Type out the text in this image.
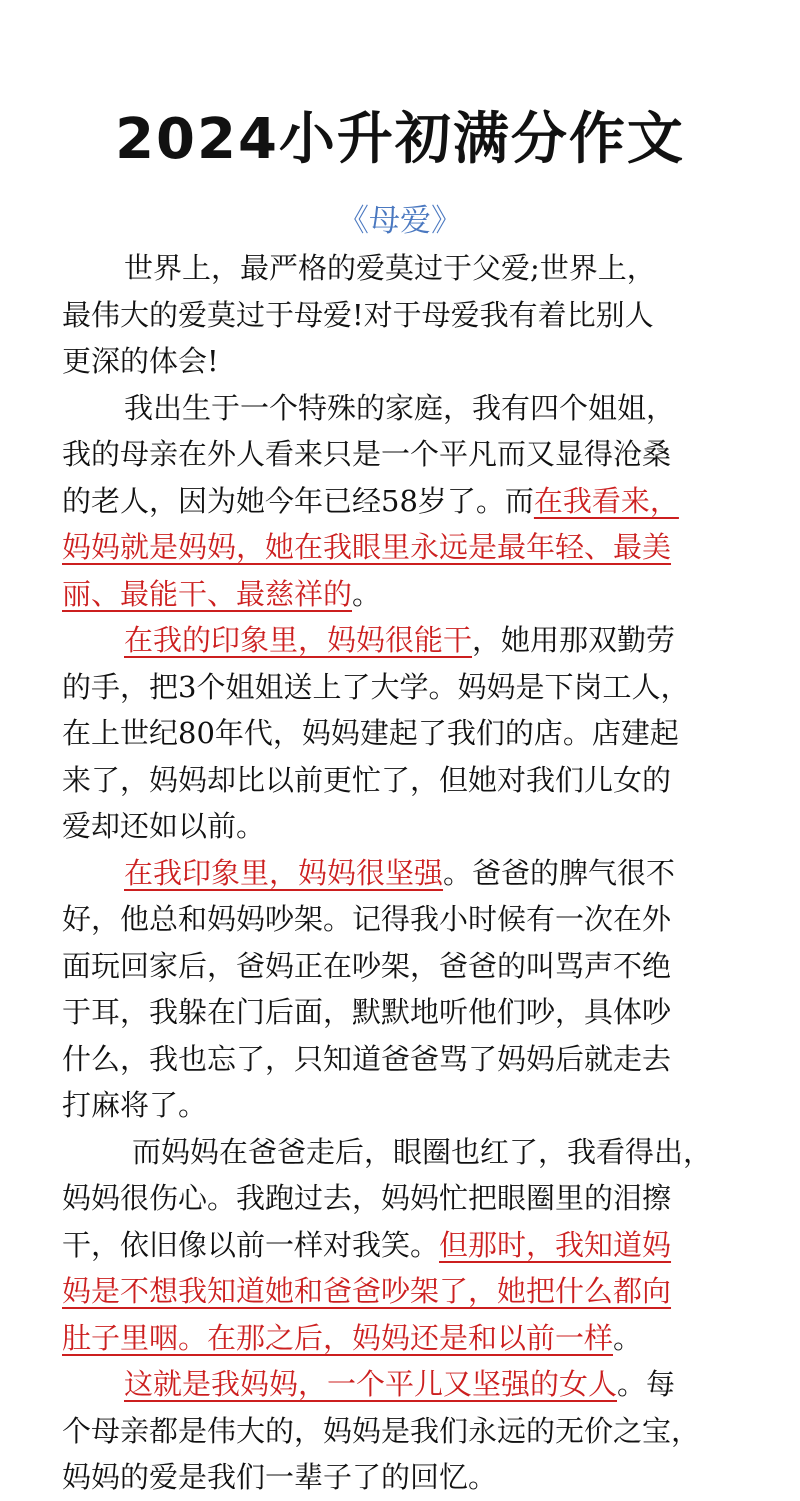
2024小升初满分作文
《母爱》
世界上，最严格的爱莫过于父爱;世界上，
最伟大的爱莫过于母爱!对于母爱我有着比别人
更深的体会!
我出生于一个特殊的家庭，我有四个姐姐，
我的母亲在外人看来只是一个平凡而又显得沧桑
的老人，因为她今年已经58岁了。而在我看来，
妈妈就是妈妈，她在我眼里永远是最年轻、最美
丽、最能干、最慈祥的。
在我的印象里，妈妈很能干，她用那双勤劳
的手，把3个姐姐送上了大学。妈妈是下岗工人，
在上世纪80年代，妈妈建起了我们的店。店建起
来了，妈妈却比以前更忙了，但她对我们儿女的
爱却还如以前。
在我印象里，妈妈很坚强。爸爸的脾气很不
好，他总和妈妈吵架。记得我小时候有一次在外
面玩回家后，爸妈正在吵架，爸爸的叫骂声不绝
于耳，我躲在门后面，默默地听他们吵，具体吵
什么，我也忘了，只知道爸爸骂了妈妈后就走去
打麻将了。
而妈妈在爸爸走后，眼圈也红了，我看得出，
妈妈很伤心。我跑过去，妈妈忙把眼圈里的泪擦
干，依旧像以前一样对我笑。但那时，我知道妈
妈是不想我知道她和爸爸吵架了，她把什么都向
肚子里咽。在那之后，妈妈还是和以前一样。
这就是我妈妈，一个平儿又坚强的女人。每
个母亲都是伟大的，妈妈是我们永远的无价之宝，
妈妈的爱是我们一辈子了的回忆。
